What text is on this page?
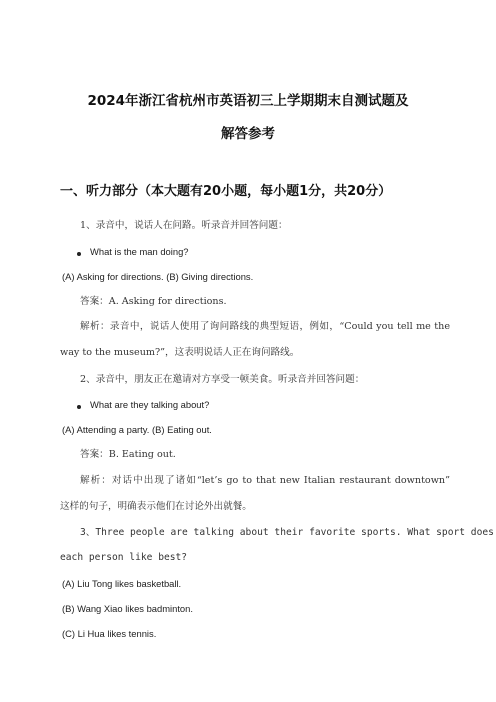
2024年浙江省杭州市英语初三上学期期末自测试题及
解答参考
一、听力部分（本大题有20小题，每小题1分，共20分）
1、录音中，说话人在问路。听录音并回答问题：
What is the man doing?
(A) Asking for directions. (B) Giving directions.
答案：A. Asking for directions.
解析：录音中，说话人使用了询问路线的典型短语，例如，“Could you tell me the
way to the museum?”，这表明说话人正在询问路线。
2、录音中，朋友正在邀请对方享受一顿美食。听录音并回答问题：
What are they talking about?
(A) Attending a party. (B) Eating out.
答案：B. Eating out.
解析：对话中出现了诸如“let’s go to that new Italian restaurant downtown”
这样的句子，明确表示他们在讨论外出就餐。
3、Three people are talking about their favorite sports. What sport does
each person like best?
(A) Liu Tong likes basketball.
(B) Wang Xiao likes badminton.
(C) Li Hua likes tennis.
